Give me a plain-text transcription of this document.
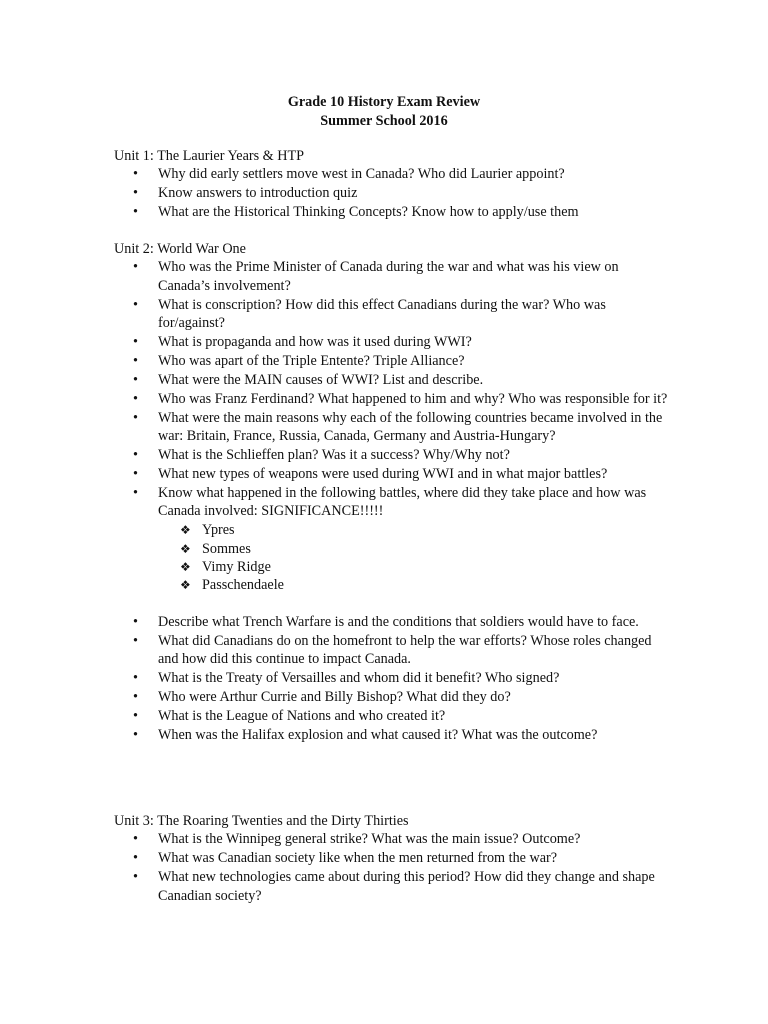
Grade 10 History Exam Review
Summer School 2016
Unit 1: The Laurier Years & HTP
• Why did early settlers move west in Canada? Who did Laurier appoint?
• Know answers to introduction quiz
• What are the Historical Thinking Concepts? Know how to apply/use them
Unit 2: World War One
• Who was the Prime Minister of Canada during the war and what was his view on Canada’s involvement?
• What is conscription? How did this effect Canadians during the war? Who was for/against?
• What is propaganda and how was it used during WWI?
• Who was apart of the Triple Entente? Triple Alliance?
• What were the MAIN causes of WWI? List and describe.
• Who was Franz Ferdinand? What happened to him and why? Who was responsible for it?
• What were the main reasons why each of the following countries became involved in the war: Britain, France, Russia, Canada, Germany and Austria-Hungary?
• What is the Schlieffen plan? Was it a success? Why/Why not?
• What new types of weapons were used during WWI and in what major battles?
• Know what happened in the following battles, where did they take place and how was Canada involved: SIGNIFICANCE!!!!!
❖ Ypres
❖ Sommes
❖ Vimy Ridge
❖ Passchendaele
• Describe what Trench Warfare is and the conditions that soldiers would have to face.
• What did Canadians do on the homefront to help the war efforts? Whose roles changed and how did this continue to impact Canada.
• What is the Treaty of Versailles and whom did it benefit? Who signed?
• Who were Arthur Currie and Billy Bishop? What did they do?
• What is the League of Nations and who created it?
• When was the Halifax explosion and what caused it? What was the outcome?
Unit 3: The Roaring Twenties and the Dirty Thirties
• What is the Winnipeg general strike? What was the main issue? Outcome?
• What was Canadian society like when the men returned from the war?
• What new technologies came about during this period? How did they change and shape Canadian society?
